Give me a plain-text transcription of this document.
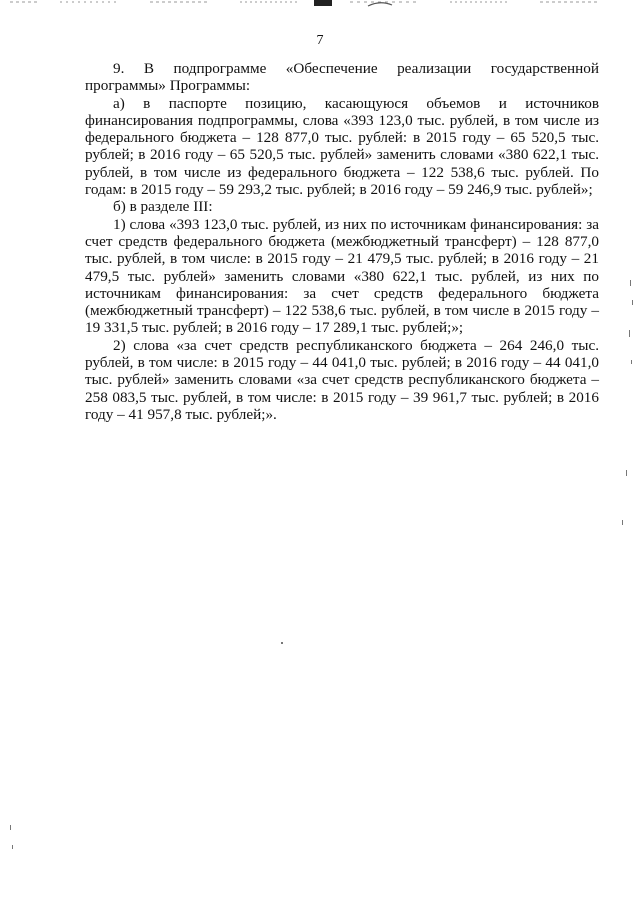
7

9. В подпрограмме «Обеспечение реализации государственной программы» Программы:

а) в паспорте позицию, касающуюся объемов и источников финансирования подпрограммы, слова «393 123,0 тыс. рублей, в том числе из федерального бюджета – 128 877,0 тыс. рублей: в 2015 году – 65 520,5 тыс. рублей; в 2016 году – 65 520,5 тыс. рублей» заменить словами «380 622,1 тыс. рублей, в том числе из федерального бюджета – 122 538,6 тыс. рублей. По годам: в 2015 году – 59 293,2 тыс. рублей; в 2016 году – 59 246,9 тыс. рублей»;

б) в разделе III:

1) слова «393 123,0 тыс. рублей, из них по источникам финансирования: за счет средств федерального бюджета (межбюджетный трансферт) – 128 877,0 тыс. рублей, в том числе: в 2015 году – 21 479,5 тыс. рублей; в 2016 году – 21 479,5 тыс. рублей» заменить словами «380 622,1 тыс. рублей, из них по источникам финансирования: за счет средств федерального бюджета (межбюджетный трансферт) – 122 538,6 тыс. рублей, в том числе в 2015 году – 19 331,5 тыс. рублей; в 2016 году – 17 289,1 тыс. рублей;»;

2) слова «за счет средств республиканского бюджета – 264 246,0 тыс. рублей, в том числе: в 2015 году – 44 041,0 тыс. рублей; в 2016 году – 44 041,0 тыс. рублей» заменить словами «за счет средств республиканского бюджета – 258 083,5 тыс. рублей, в том числе: в 2015 году – 39 961,7 тыс. рублей; в 2016 году – 41 957,8 тыс. рублей;».
